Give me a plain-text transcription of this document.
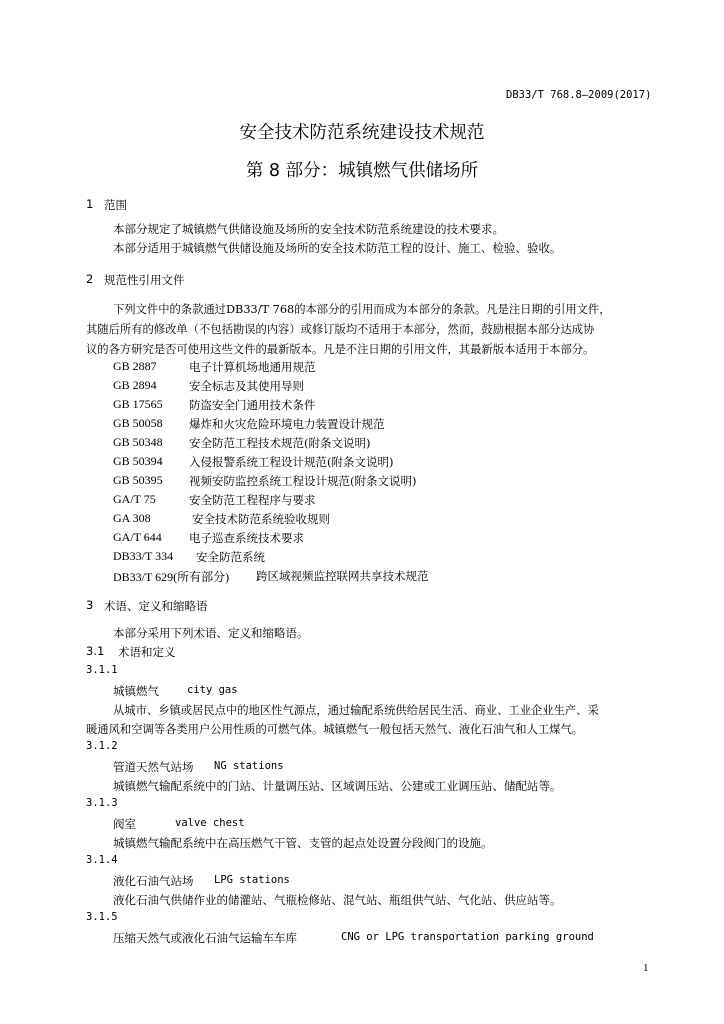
DB33/T 768.8—2009(2017)
安全技术防范系统建设技术规范
第 8 部分：城镇燃气供储场所
1 范围
本部分规定了城镇燃气供储设施及场所的安全技术防范系统建设的技术要求。
本部分适用于城镇燃气供储设施及场所的安全技术防范工程的设计、施工、检验、验收。
2 规范性引用文件
下列文件中的条款通过DB33/T 768的本部分的引用而成为本部分的条款。凡是注日期的引用文件，
其随后所有的修改单（不包括勘误的内容）或修订版均不适用于本部分，然而，鼓励根据本部分达成协
议的各方研究是否可使用这些文件的最新版本。凡是不注日期的引用文件，其最新版本适用于本部分。
GB 2887	电子计算机场地通用规范
GB 2894	安全标志及其使用导则
GB 17565 防盗安全门通用技术条件
GB 50058 爆炸和火灾危险环境电力装置设计规范
GB 50348 安全防范工程技术规范(附条文说明)
GB 50394 入侵报警系统工程设计规范(附条文说明)
GB 50395 视频安防监控系统工程设计规范(附条文说明)
GA/T 75	安全防范工程程序与要求
GA 308	安全技术防范系统验收规则
GA/T 644 电子巡查系统技术要求
DB33/T 334 安全防范系统
DB33/T 629(所有部分) 跨区域视频监控联网共享技术规范
3 术语、定义和缩略语
本部分采用下列术语、定义和缩略语。
3.1 术语和定义
3.1.1
城镇燃气	city gas
从城市、乡镇或居民点中的地区性气源点，通过输配系统供给居民生活、商业、工业企业生产、采
暖通风和空调等各类用户公用性质的可燃气体。城镇燃气一般包括天然气、液化石油气和人工煤气。
3.1.2
管道天然气站场 NG stations
城镇燃气输配系统中的门站、计量调压站、区域调压站、公建或工业调压站、储配站等。
3.1.3
阀室	valve chest
城镇燃气输配系统中在高压燃气干管、支管的起点处设置分段阀门的设施。
3.1.4
液化石油气站场 LPG stations
液化石油气供储作业的储灌站、气瓶检修站、混气站、瓶组供气站、气化站、供应站等。
3.1.5
压缩天然气或液化石油气运输车车库	CNG or LPG transportation parking ground
1
